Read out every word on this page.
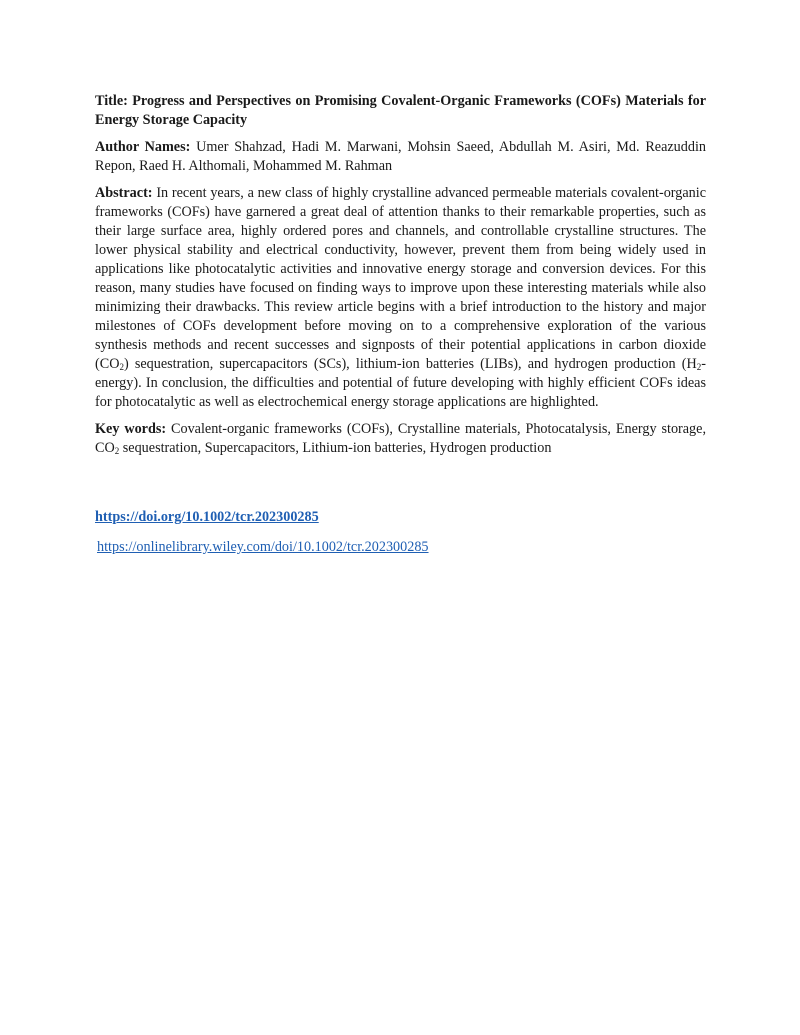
Title: Progress and Perspectives on Promising Covalent-Organic Frameworks (COFs) Materials for Energy Storage Capacity

Author Names: Umer Shahzad, Hadi M. Marwani, Mohsin Saeed, Abdullah M. Asiri, Md. Reazuddin Repon, Raed H. Althomali, Mohammed M. Rahman

Abstract: In recent years, a new class of highly crystalline advanced permeable materials covalent-organic frameworks (COFs) have garnered a great deal of attention thanks to their remarkable properties, such as their large surface area, highly ordered pores and channels, and controllable crystalline structures. The lower physical stability and electrical conductivity, however, prevent them from being widely used in applications like photocatalytic activities and innovative energy storage and conversion devices. For this reason, many studies have focused on finding ways to improve upon these interesting materials while also minimizing their drawbacks. This review article begins with a brief introduction to the history and major milestones of COFs development before moving on to a comprehensive exploration of the various synthesis methods and recent successes and signposts of their potential applications in carbon dioxide $(CO_2)$ sequestration, supercapacitors (SCs), lithium-ion batteries (LIBs), and hydrogen production $(H_2-energy)$. In conclusion, the difficulties and potential of future developing with highly efficient COFs ideas for photocatalytic as well as electrochemical energy storage applications are highlighted.

Key words: Covalent-organic frameworks (COFs), Crystalline materials, Photocatalysis, Energy storage, $CO_2$ sequestration, Supercapacitors, Lithium-ion batteries, Hydrogen production

https://doi.org/10.1002/tcr.202300285
https://onlinelibrary.wiley.com/doi/10.1002/tcr.202300285
